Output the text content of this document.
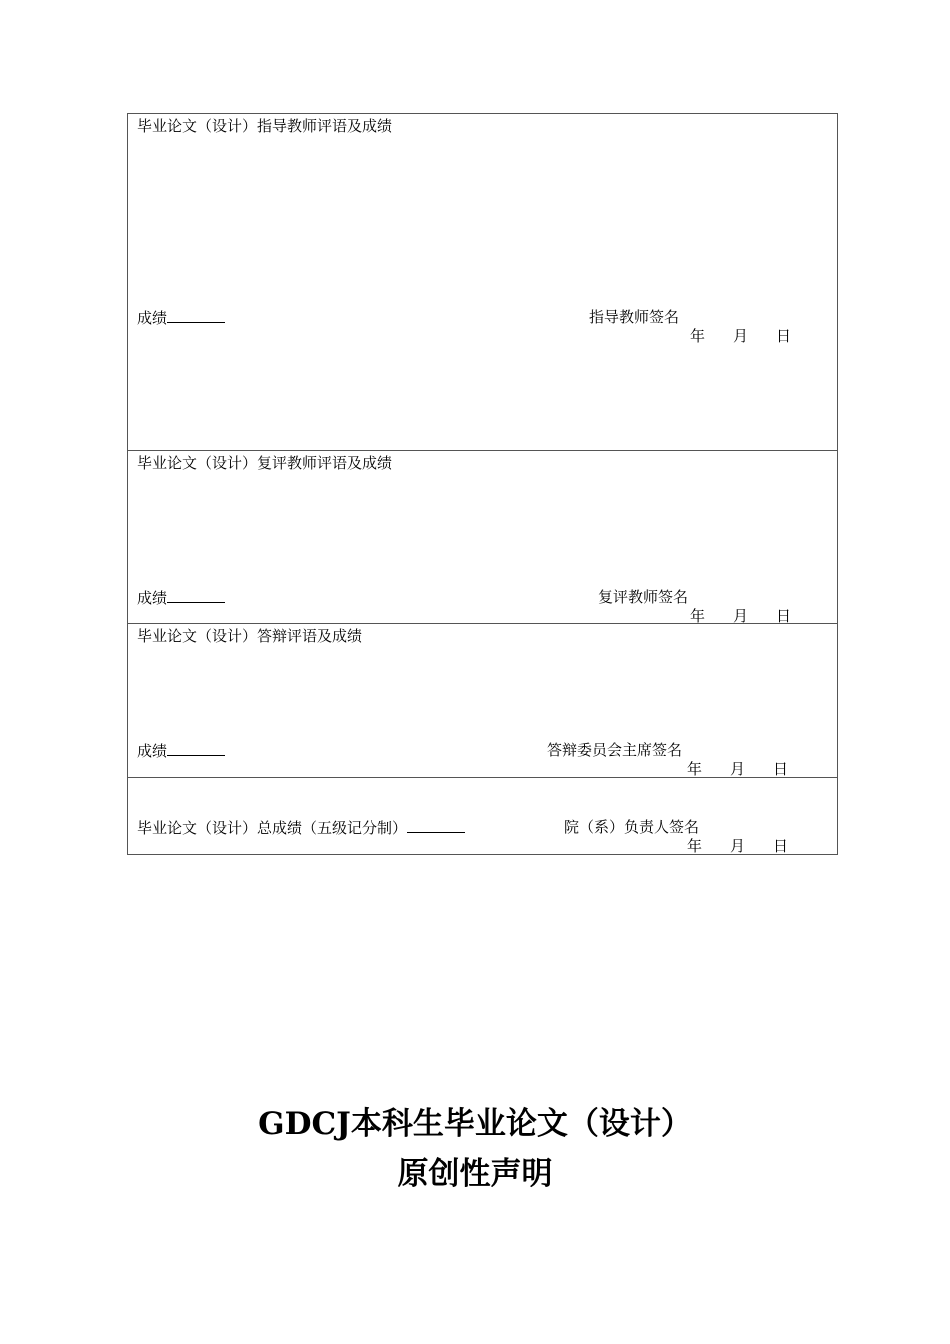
毕业论文（设计）指导教师评语及成绩
成绩	指导教师签名
年 月 日
毕业论文（设计）复评教师评语及成绩
成绩	复评教师签名
年 月 日
毕业论文（设计）答辩评语及成绩
成绩	答辩委员会主席签名
年 月 日
毕业论文（设计）总成绩（五级记分制）	院（系）负责人签名
年 月 日
GDCJ本科生毕业论文（设计）
原创性声明
